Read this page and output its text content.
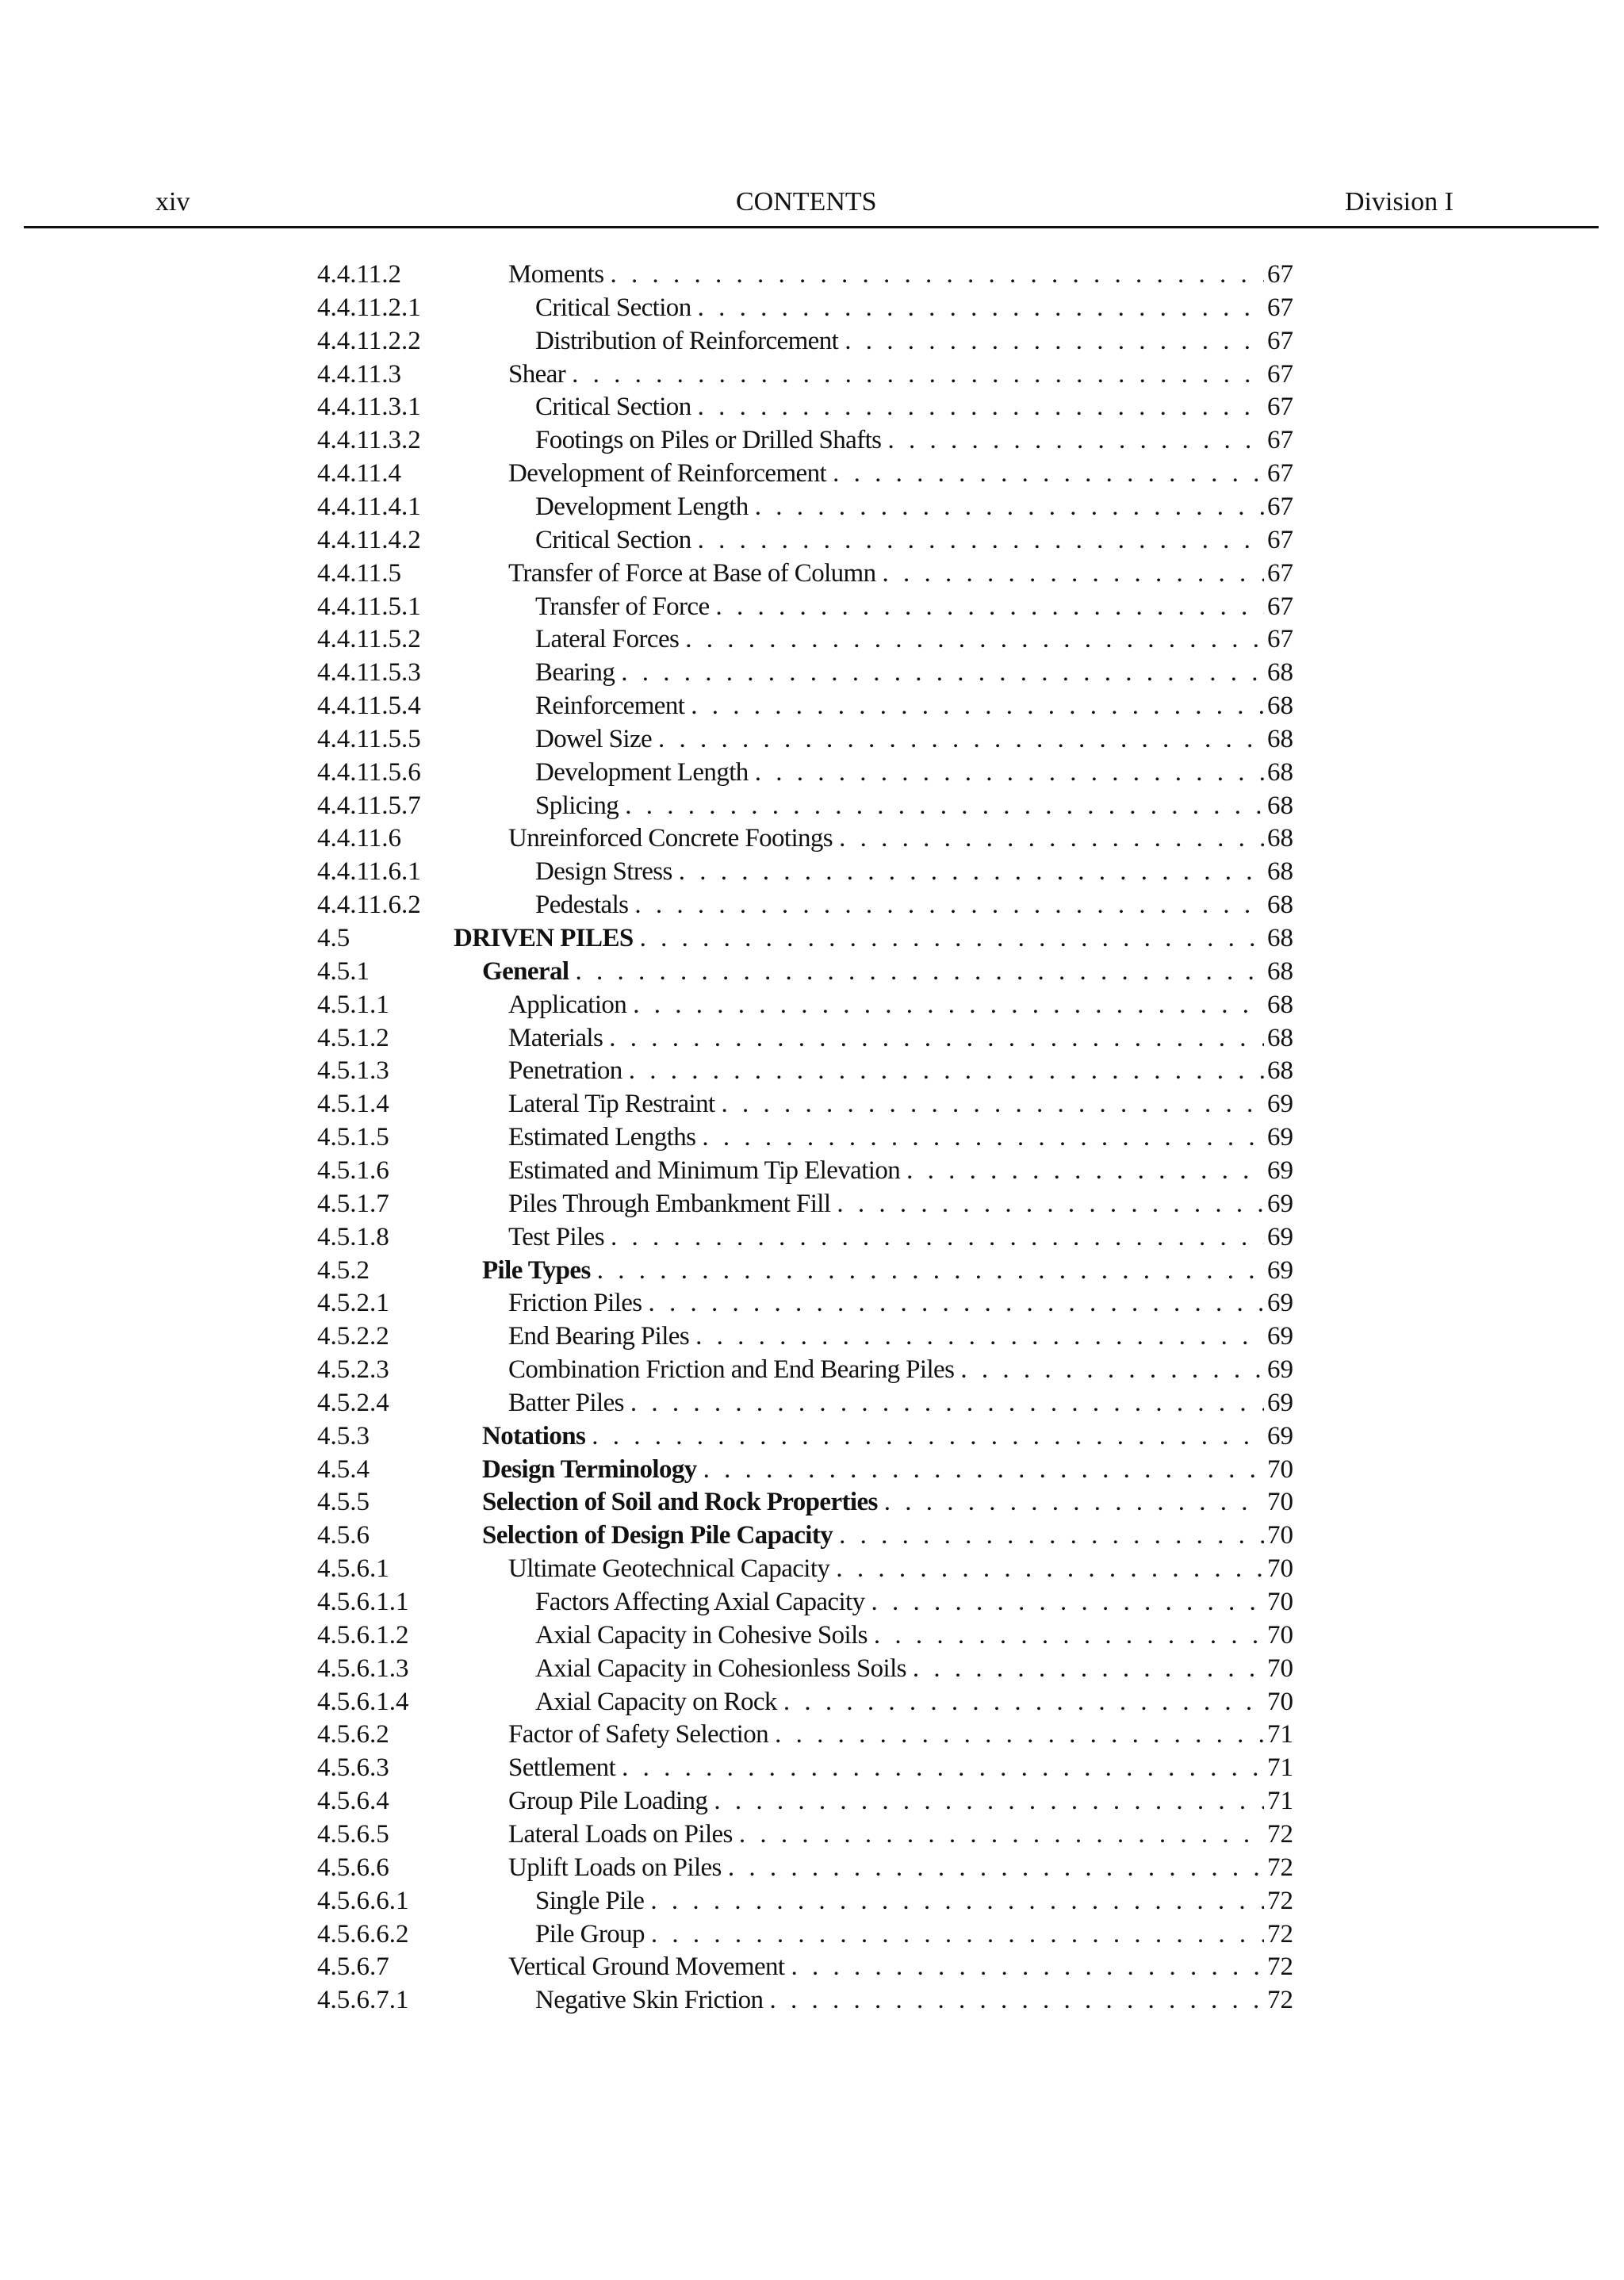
xiv	CONTENTS	Division I
4.4.11.2	Moments . . .	67
4.4.11.2.1	Critical Section . . .	67
4.4.11.2.2	Distribution of Reinforcement . . .	67
4.4.11.3	Shear . . .	67
4.4.11.3.1	Critical Section . . .	67
4.4.11.3.2	Footings on Piles or Drilled Shafts . . .	67
4.4.11.4	Development of Reinforcement . . .	67
4.4.11.4.1	Development Length . . .	67
4.4.11.4.2	Critical Section . . .	67
4.4.11.5	Transfer of Force at Base of Column . . .	67
4.4.11.5.1	Transfer of Force . . .	67
4.4.11.5.2	Lateral Forces . . .	67
4.4.11.5.3	Bearing . . .	68
4.4.11.5.4	Reinforcement . . .	68
4.4.11.5.5	Dowel Size . . .	68
4.4.11.5.6	Development Length . . .	68
4.4.11.5.7	Splicing . . .	68
4.4.11.6	Unreinforced Concrete Footings . . .	68
4.4.11.6.1	Design Stress . . .	68
4.4.11.6.2	Pedestals . . .	68
4.5	DRIVEN PILES . . .	68
4.5.1	General . . .	68
4.5.1.1	Application . . .	68
4.5.1.2	Materials . . .	68
4.5.1.3	Penetration . . .	68
4.5.1.4	Lateral Tip Restraint . . .	69
4.5.1.5	Estimated Lengths . . .	69
4.5.1.6	Estimated and Minimum Tip Elevation . . .	69
4.5.1.7	Piles Through Embankment Fill . . .	69
4.5.1.8	Test Piles . . .	69
4.5.2	Pile Types . . .	69
4.5.2.1	Friction Piles . . .	69
4.5.2.2	End Bearing Piles . . .	69
4.5.2.3	Combination Friction and End Bearing Piles . . .	69
4.5.2.4	Batter Piles . . .	69
4.5.3	Notations . . .	69
4.5.4	Design Terminology . . .	70
4.5.5	Selection of Soil and Rock Properties . . .	70
4.5.6	Selection of Design Pile Capacity . . .	70
4.5.6.1	Ultimate Geotechnical Capacity . . .	70
4.5.6.1.1	Factors Affecting Axial Capacity . . .	70
4.5.6.1.2	Axial Capacity in Cohesive Soils . . .	70
4.5.6.1.3	Axial Capacity in Cohesionless Soils . . .	70
4.5.6.1.4	Axial Capacity on Rock . . .	70
4.5.6.2	Factor of Safety Selection . . .	71
4.5.6.3	Settlement . . .	71
4.5.6.4	Group Pile Loading . . .	71
4.5.6.5	Lateral Loads on Piles . . .	72
4.5.6.6	Uplift Loads on Piles . . .	72
4.5.6.6.1	Single Pile . . .	72
4.5.6.6.2	Pile Group . . .	72
4.5.6.7	Vertical Ground Movement . . .	72
4.5.6.7.1	Negative Skin Friction . . .	72
